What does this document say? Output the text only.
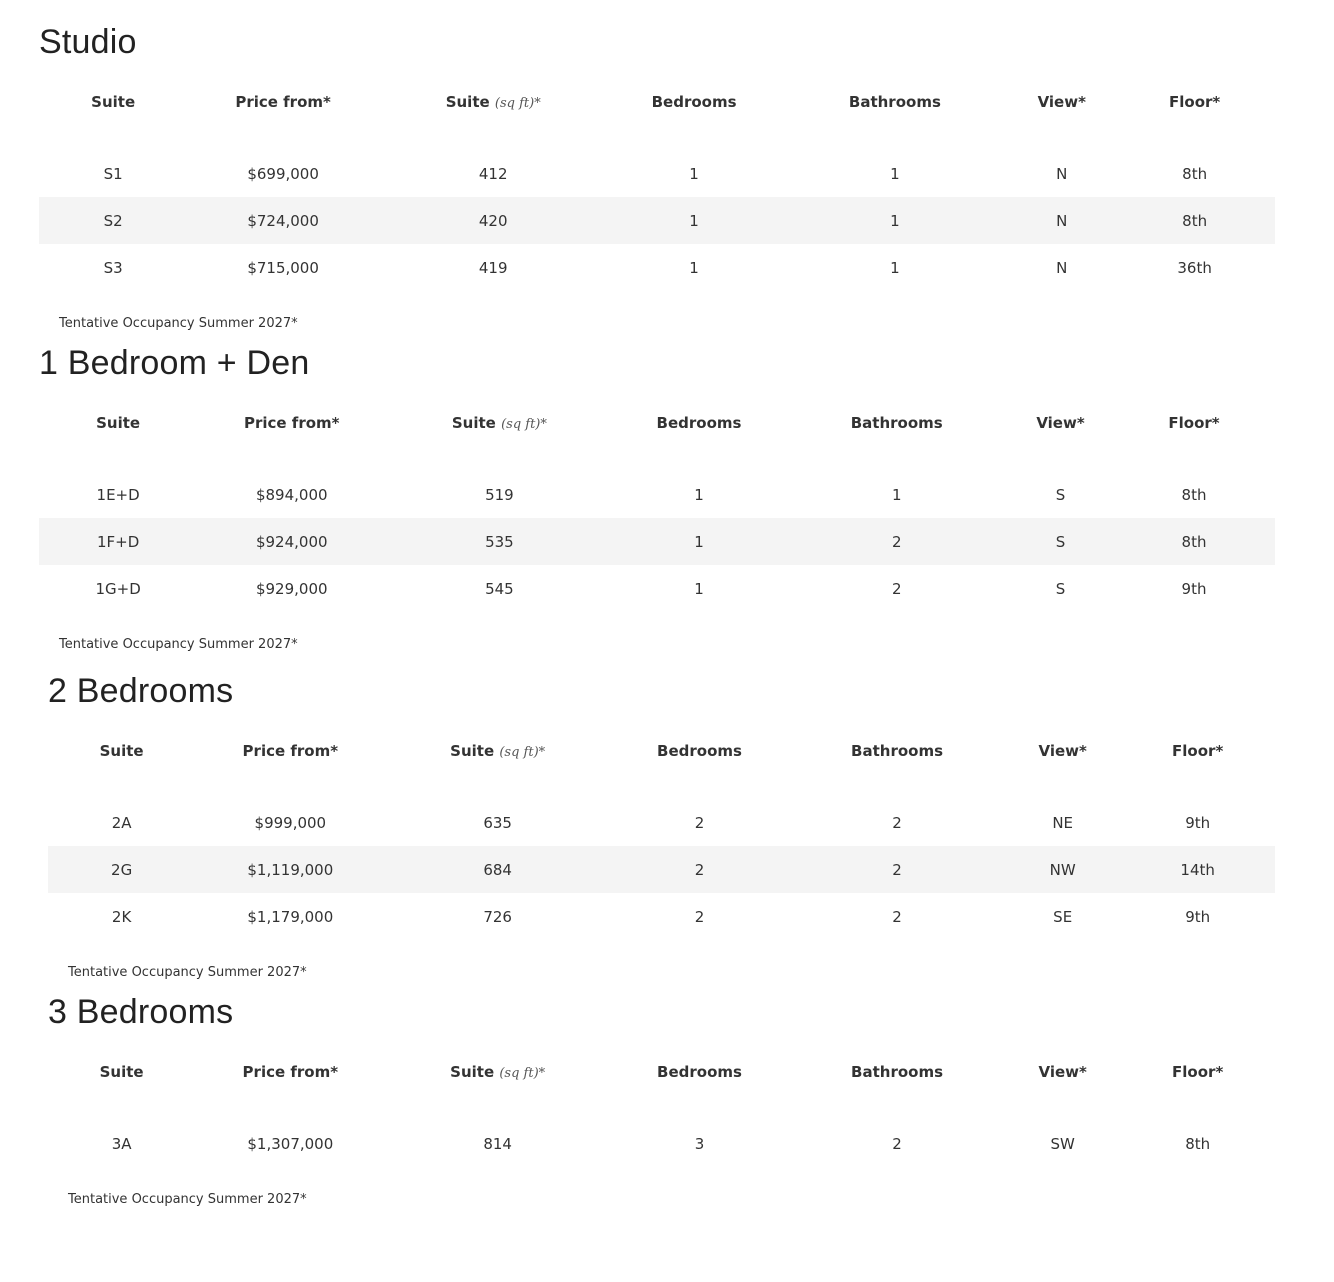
Studio
Suite	Price from*	Suite (sq ft)*	Bedrooms	Bathrooms	View*	Floor*
S1	$699,000	412	1	1	N	8th
S2	$724,000	420	1	1	N	8th
S3	$715,000	419	1	1	N	36th

Tentative Occupancy Summer 2027*

1 Bedroom + Den
Suite	Price from*	Suite (sq ft)*	Bedrooms	Bathrooms	View*	Floor*
1E+D	$894,000	519	1	1	S	8th
1F+D	$924,000	535	1	2	S	8th
1G+D	$929,000	545	1	2	S	9th

Tentative Occupancy Summer 2027*

2 Bedrooms
Suite	Price from*	Suite (sq ft)*	Bedrooms	Bathrooms	View*	Floor*
2A	$999,000	635	2	2	NE	9th
2G	$1,119,000	684	2	2	NW	14th
2K	$1,179,000	726	2	2	SE	9th

Tentative Occupancy Summer 2027*

3 Bedrooms
Suite	Price from*	Suite (sq ft)*	Bedrooms	Bathrooms	View*	Floor*
3A	$1,307,000	814	3	2	SW	8th

Tentative Occupancy Summer 2027*
